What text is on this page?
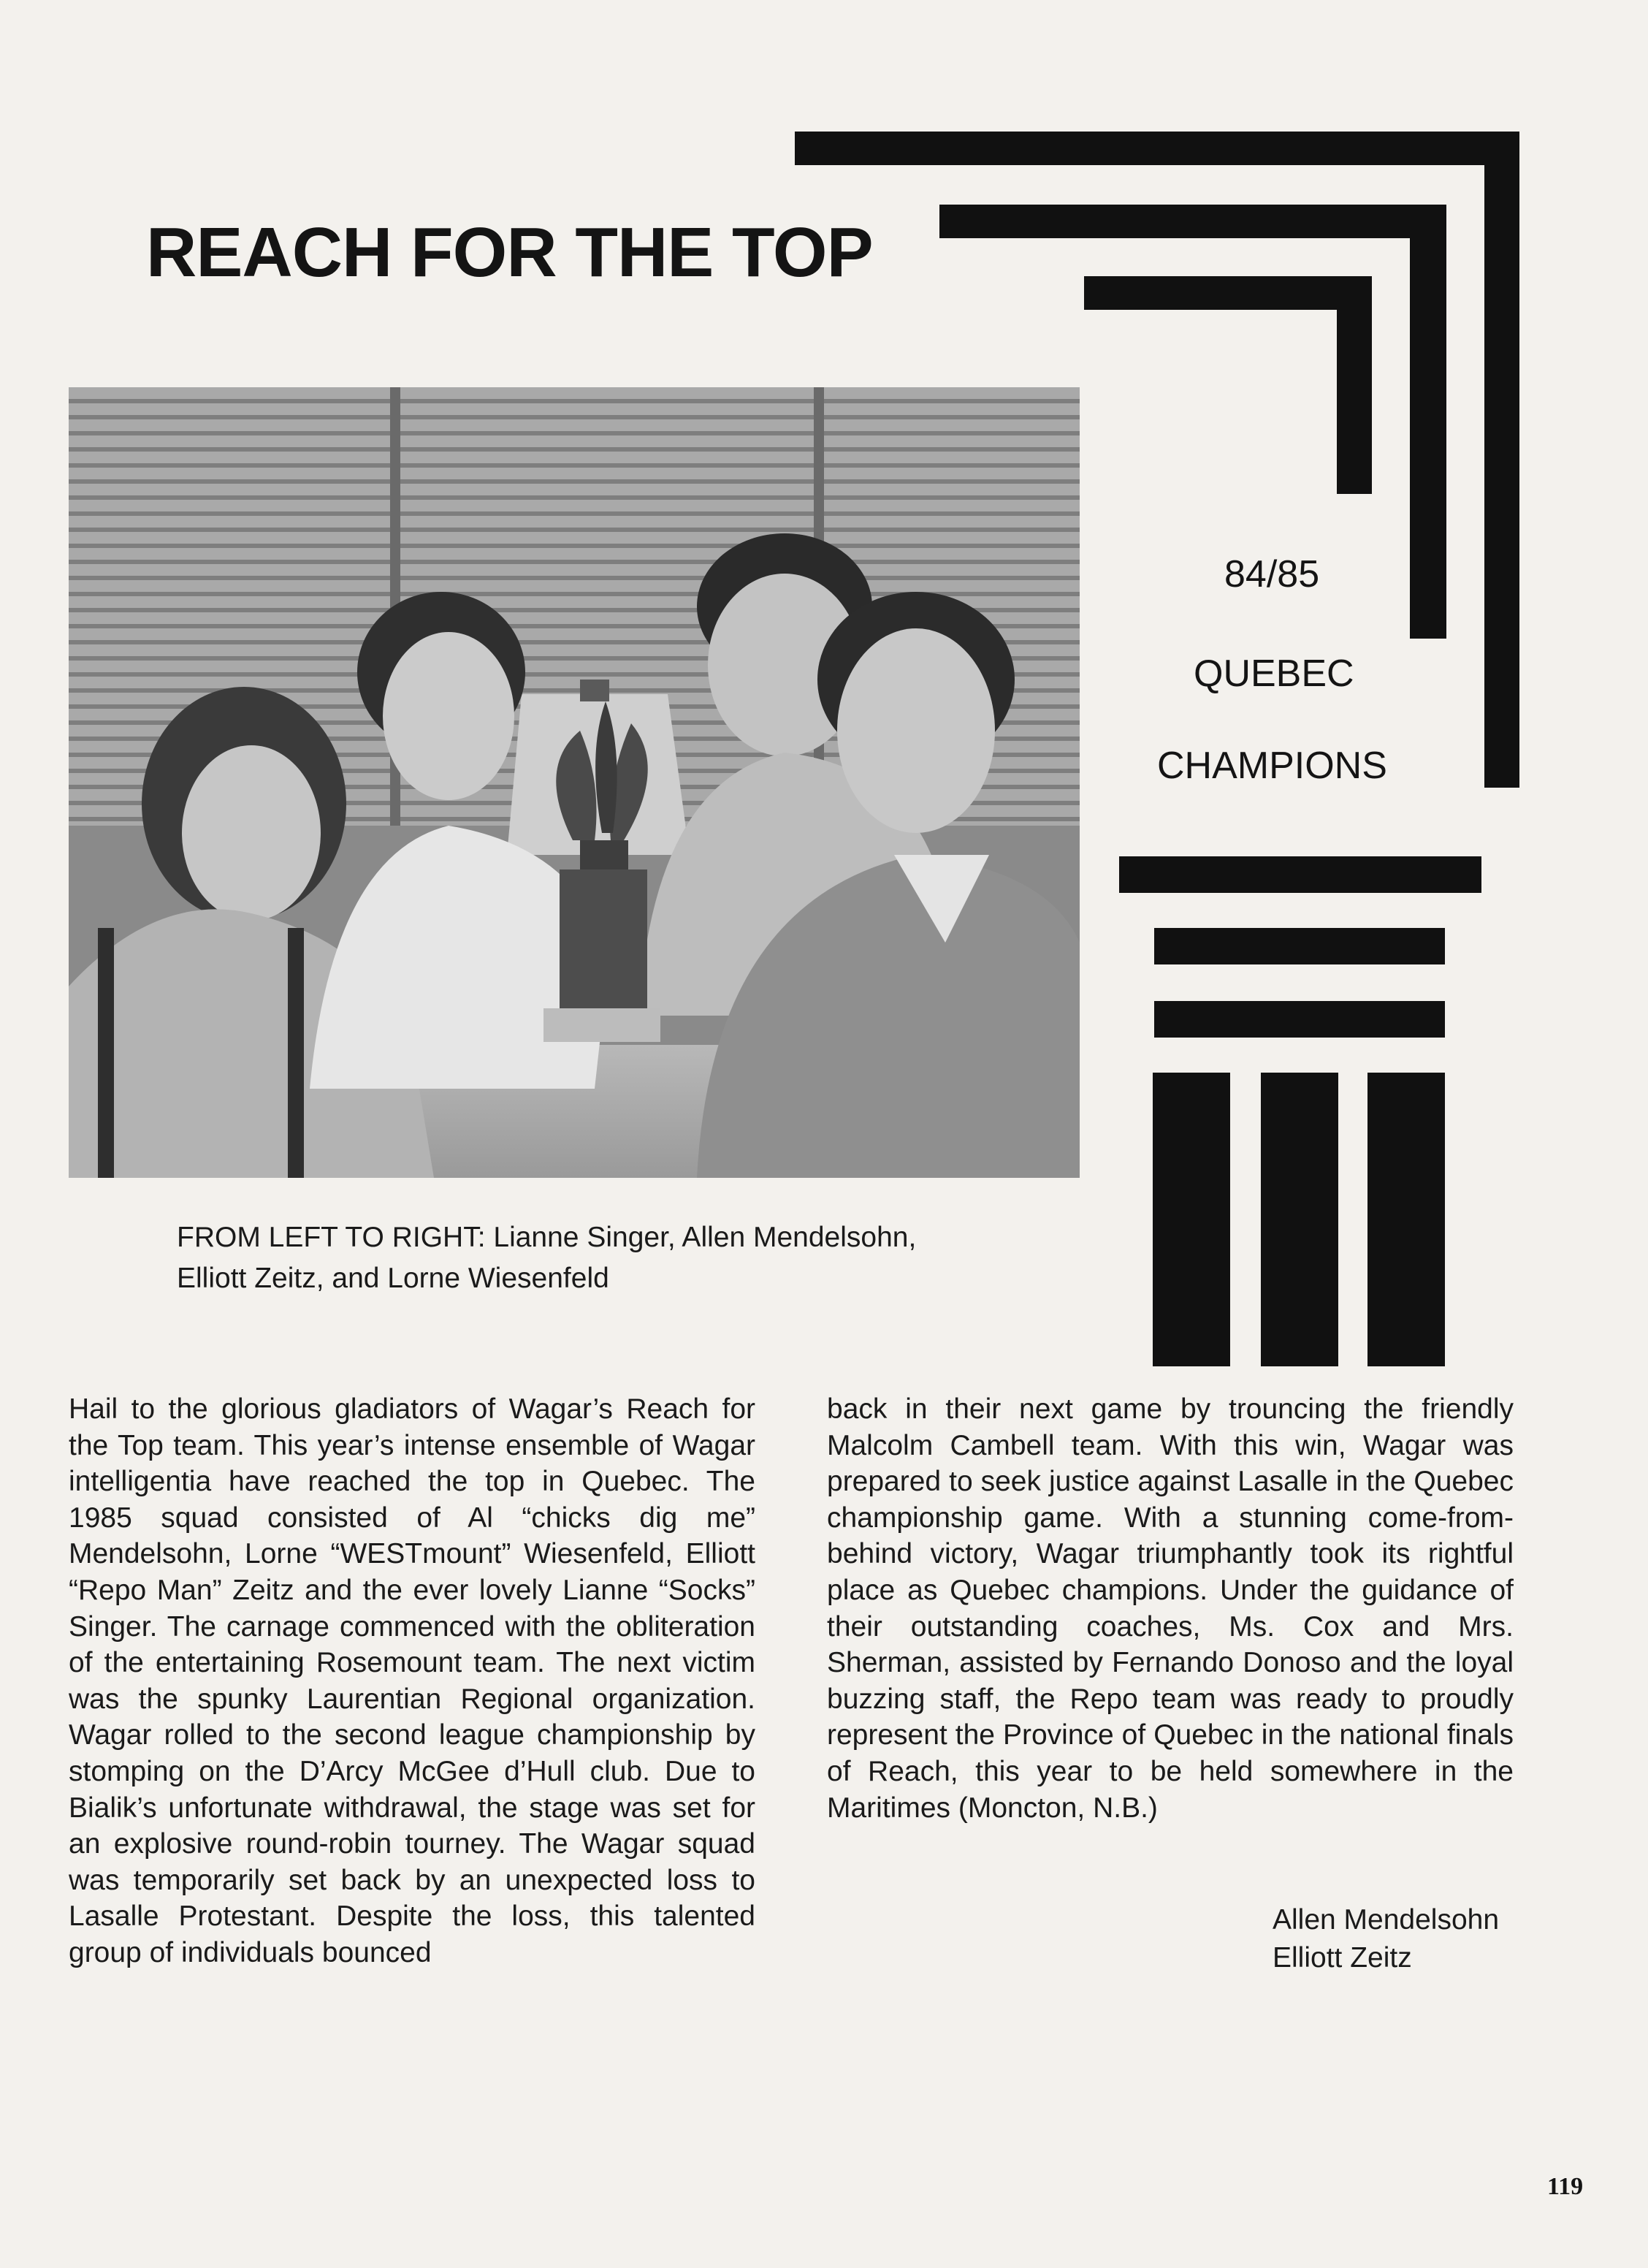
REACH FOR THE TOP
84/85
QUEBEC
CHAMPIONS
FROM LEFT TO RIGHT: Lianne Singer, Allen Mendelsohn,
Elliott Zeitz, and Lorne Wiesenfeld

Hail to the glorious gladiators of Wagar’s Reach for the Top team. This year’s intense ensemble of Wagar intelligentia have reached the top in Quebec. The 1985 squad consisted of Al “chicks dig me” Mendelsohn, Lorne “WESTmount” Wiesenfeld, Elliott “Repo Man” Zeitz and the ever lovely Lianne “Socks” Singer. The carnage commenced with the obliteration of the entertaining Rosemount team. The next victim was the spunky Laurentian Regional organization. Wagar rolled to the second league championship by stomping on the D’Arcy McGee d’Hull club. Due to Bialik’s unfortunate withdrawal, the stage was set for an explosive round-robin tourney. The Wagar squad was temporarily set back by an unexpected loss to Lasalle Protestant. Despite the loss, this talented group of individuals bounced

back in their next game by trouncing the friendly Malcolm Cambell team. With this win, Wagar was prepared to seek justice against Lasalle in the Quebec championship game. With a stunning come-from-behind victory, Wagar triumphantly took its rightful place as Quebec champions. Under the guidance of their outstanding coaches, Ms. Cox and Mrs. Sherman, assisted by Fernando Donoso and the loyal buzzing staff, the Repo team was ready to proudly represent the Province of Quebec in the national finals of Reach, this year to be held somewhere in the Maritimes (Moncton, N.B.)

Allen Mendelsohn
Elliott Zeitz
119
